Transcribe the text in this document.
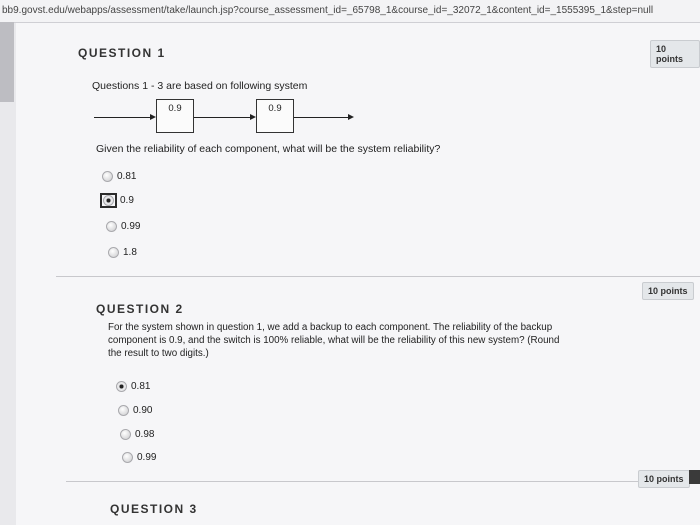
bb9.govst.edu/webapps/assessment/take/launch.jsp?course_assessment_id=_65798_1&course_id=_32072_1&content_id=_1555395_1&step=null
QUESTION 1	10 points
Questions 1 - 3 are based on following system
0.9	0.9
Given the reliability of each component, what will be the system reliability?
0.81
0.9
0.99
1.8
10 points
QUESTION 2
For the system shown in question 1, we add a backup to each component. The reliability of the backup
component is 0.9, and the switch is 100% reliable, what will be the reliability of this new system? (Round
the result to two digits.)
0.81
0.90
0.98
0.99
10 points
QUESTION 3
